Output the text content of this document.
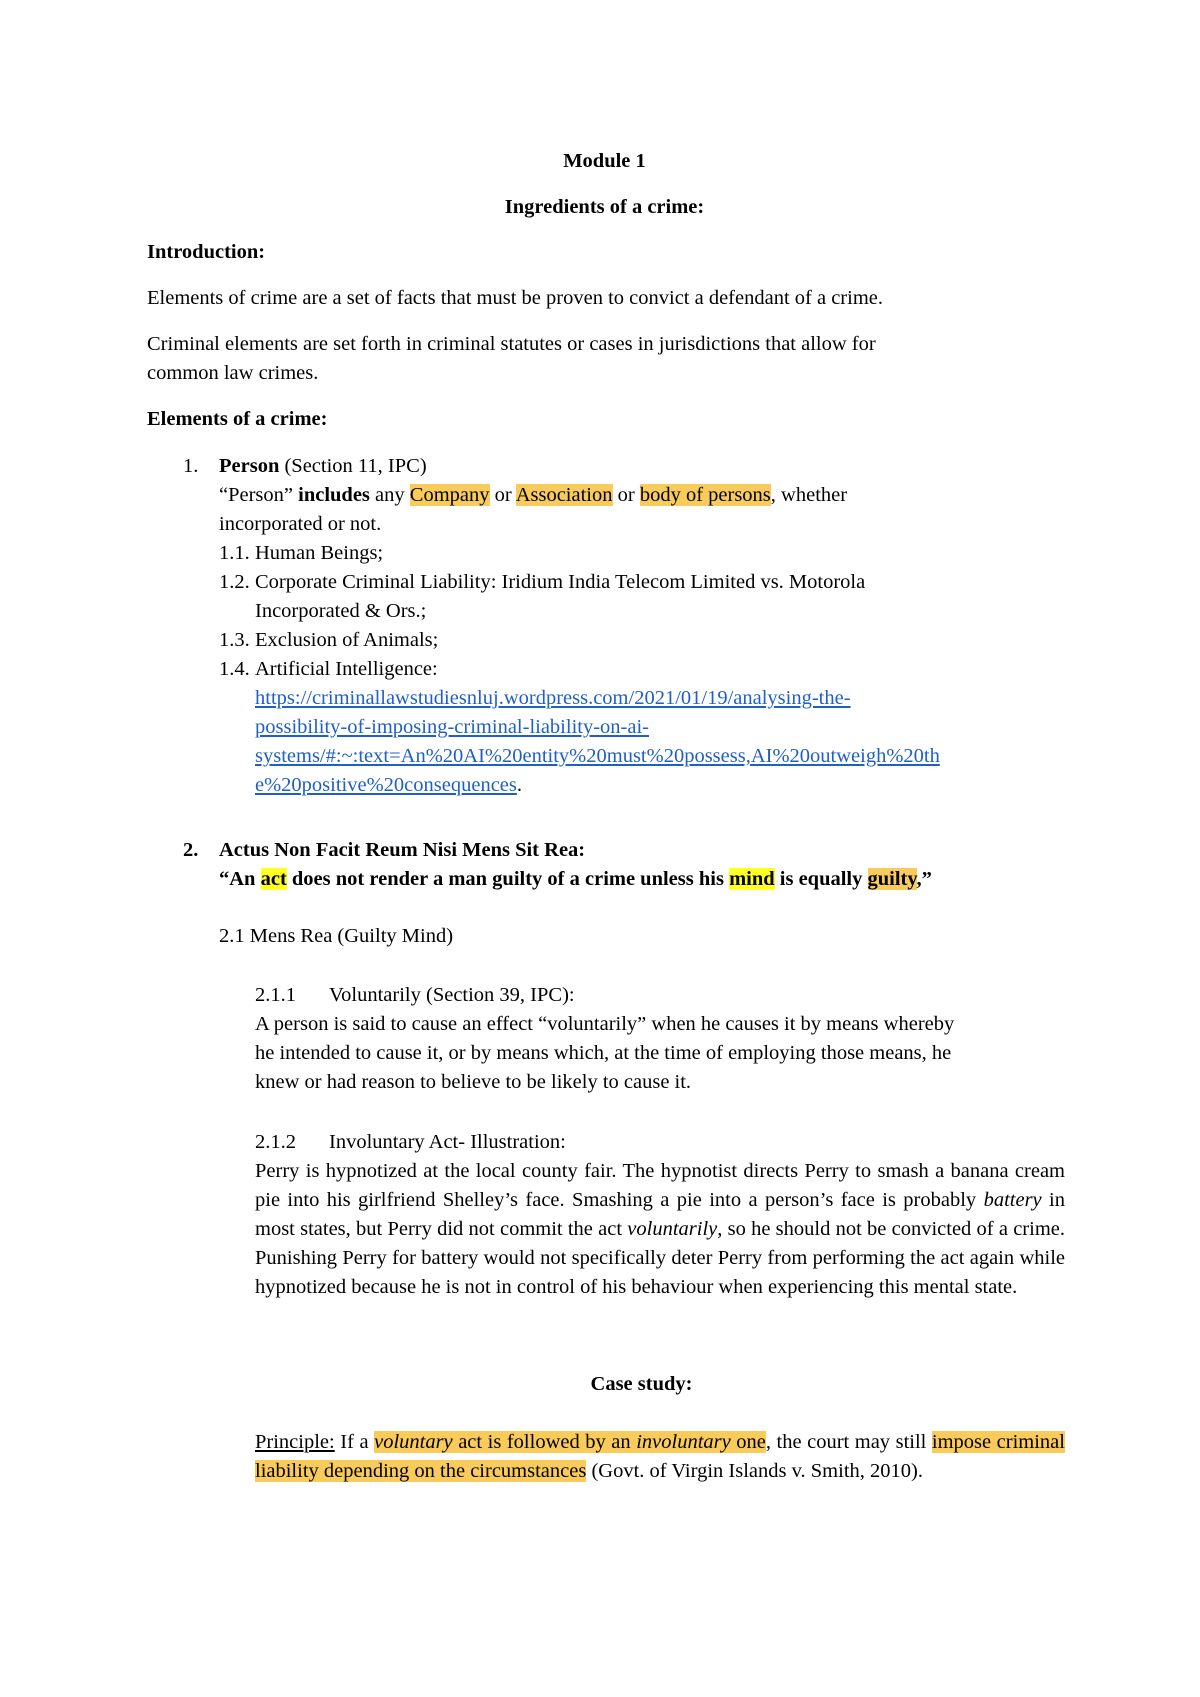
Module 1

Ingredients of a crime:

Introduction:

Elements of crime are a set of facts that must be proven to convict a defendant of a crime.

Criminal elements are set forth in criminal statutes or cases in jurisdictions that allow for
common law crimes.

Elements of a crime:

1. Person (Section 11, IPC)
“Person” includes any Company or Association or body of persons, whether
incorporated or not.
1.1. Human Beings;
1.2. Corporate Criminal Liability: Iridium India Telecom Limited vs. Motorola
Incorporated & Ors.;
1.3. Exclusion of Animals;
1.4. Artificial Intelligence:
https://criminallawstudiesnluj.wordpress.com/2021/01/19/analysing-the-
possibility-of-imposing-criminal-liability-on-ai-
systems/#:~:text=An%20AI%20entity%20must%20possess,AI%20outweigh%20th
e%20positive%20consequences.
2. Actus Non Facit Reum Nisi Mens Sit Rea:
“An act does not render a man guilty of a crime unless his mind is equally guilty,”

2.1 Mens Rea (Guilty Mind)

2.1.1 Voluntarily (Section 39, IPC):
A person is said to cause an effect “voluntarily” when he causes it by means whereby
he intended to cause it, or by means which, at the time of employing those means, he
knew or had reason to believe to be likely to cause it.
2.1.2 Involuntary Act- Illustration:
Perry is hypnotized at the local county fair. The hypnotist directs Perry to smash a banana cream pie into his girlfriend Shelley’s face. Smashing a pie into a person’s face is probably battery in most states, but Perry did not commit the act voluntarily, so he should not be convicted of a crime. Punishing Perry for battery would not specifically deter Perry from performing the act again while hypnotized because he is not in control of his behaviour when experiencing this mental state.

Case study:

Principle: If a voluntary act is followed by an involuntary one, the court may still impose criminal liability depending on the circumstances (Govt. of Virgin Islands v. Smith, 2010).
